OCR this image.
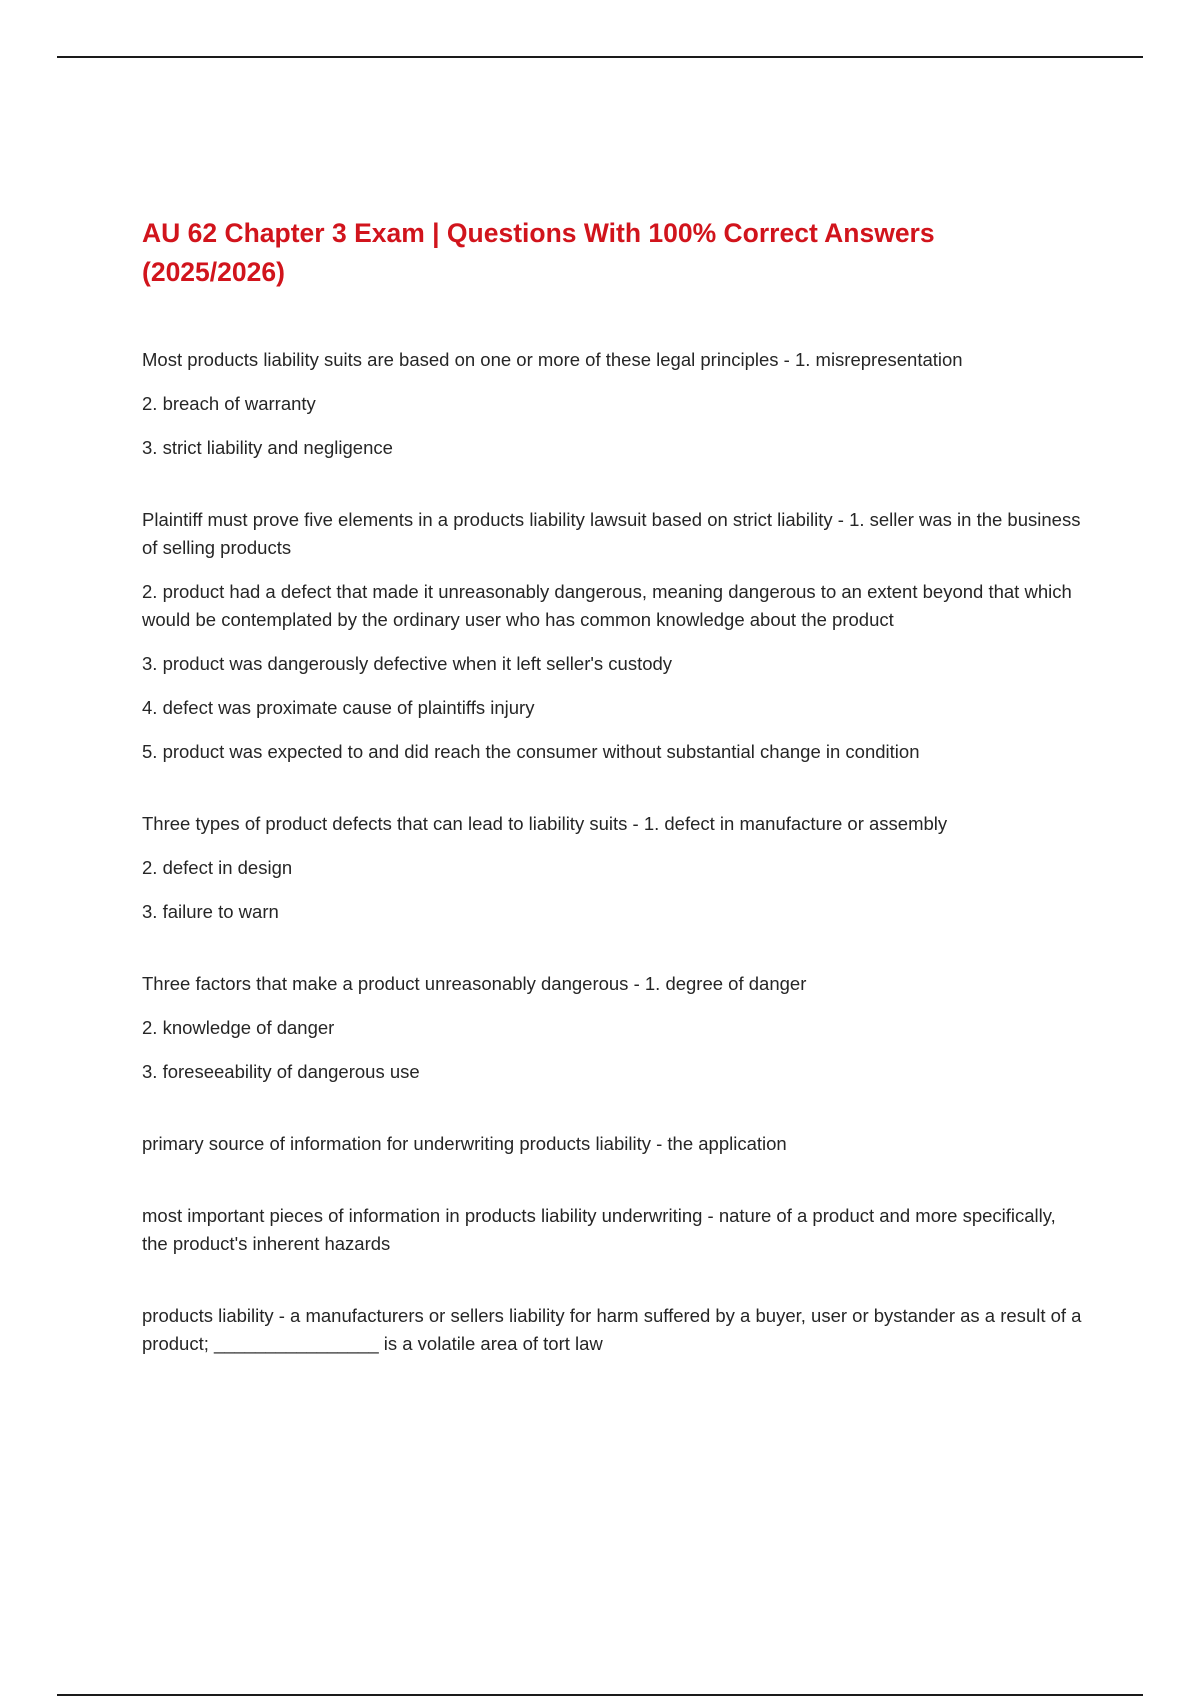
AU 62 Chapter 3 Exam | Questions With 100% Correct Answers (2025/2026)

Most products liability suits are based on one or more of these legal principles - 1. misrepresentation

2. breach of warranty

3. strict liability and negligence

Plaintiff must prove five elements in a products liability lawsuit based on strict liability - 1. seller was in the business of selling products

2. product had a defect that made it unreasonably dangerous, meaning dangerous to an extent beyond that which would be contemplated by the ordinary user who has common knowledge about the product

3. product was dangerously defective when it left seller's custody

4. defect was proximate cause of plaintiffs injury

5. product was expected to and did reach the consumer without substantial change in condition

Three types of product defects that can lead to liability suits - 1. defect in manufacture or assembly

2. defect in design

3. failure to warn

Three factors that make a product unreasonably dangerous - 1. degree of danger

2. knowledge of danger

3. foreseeability of dangerous use

primary source of information for underwriting products liability - the application

most important pieces of information in products liability underwriting - nature of a product and more specifically, the product's inherent hazards

products liability - a manufacturers or sellers liability for harm suffered by a buyer, user or bystander as a result of a product; ________________ is a volatile area of tort law
